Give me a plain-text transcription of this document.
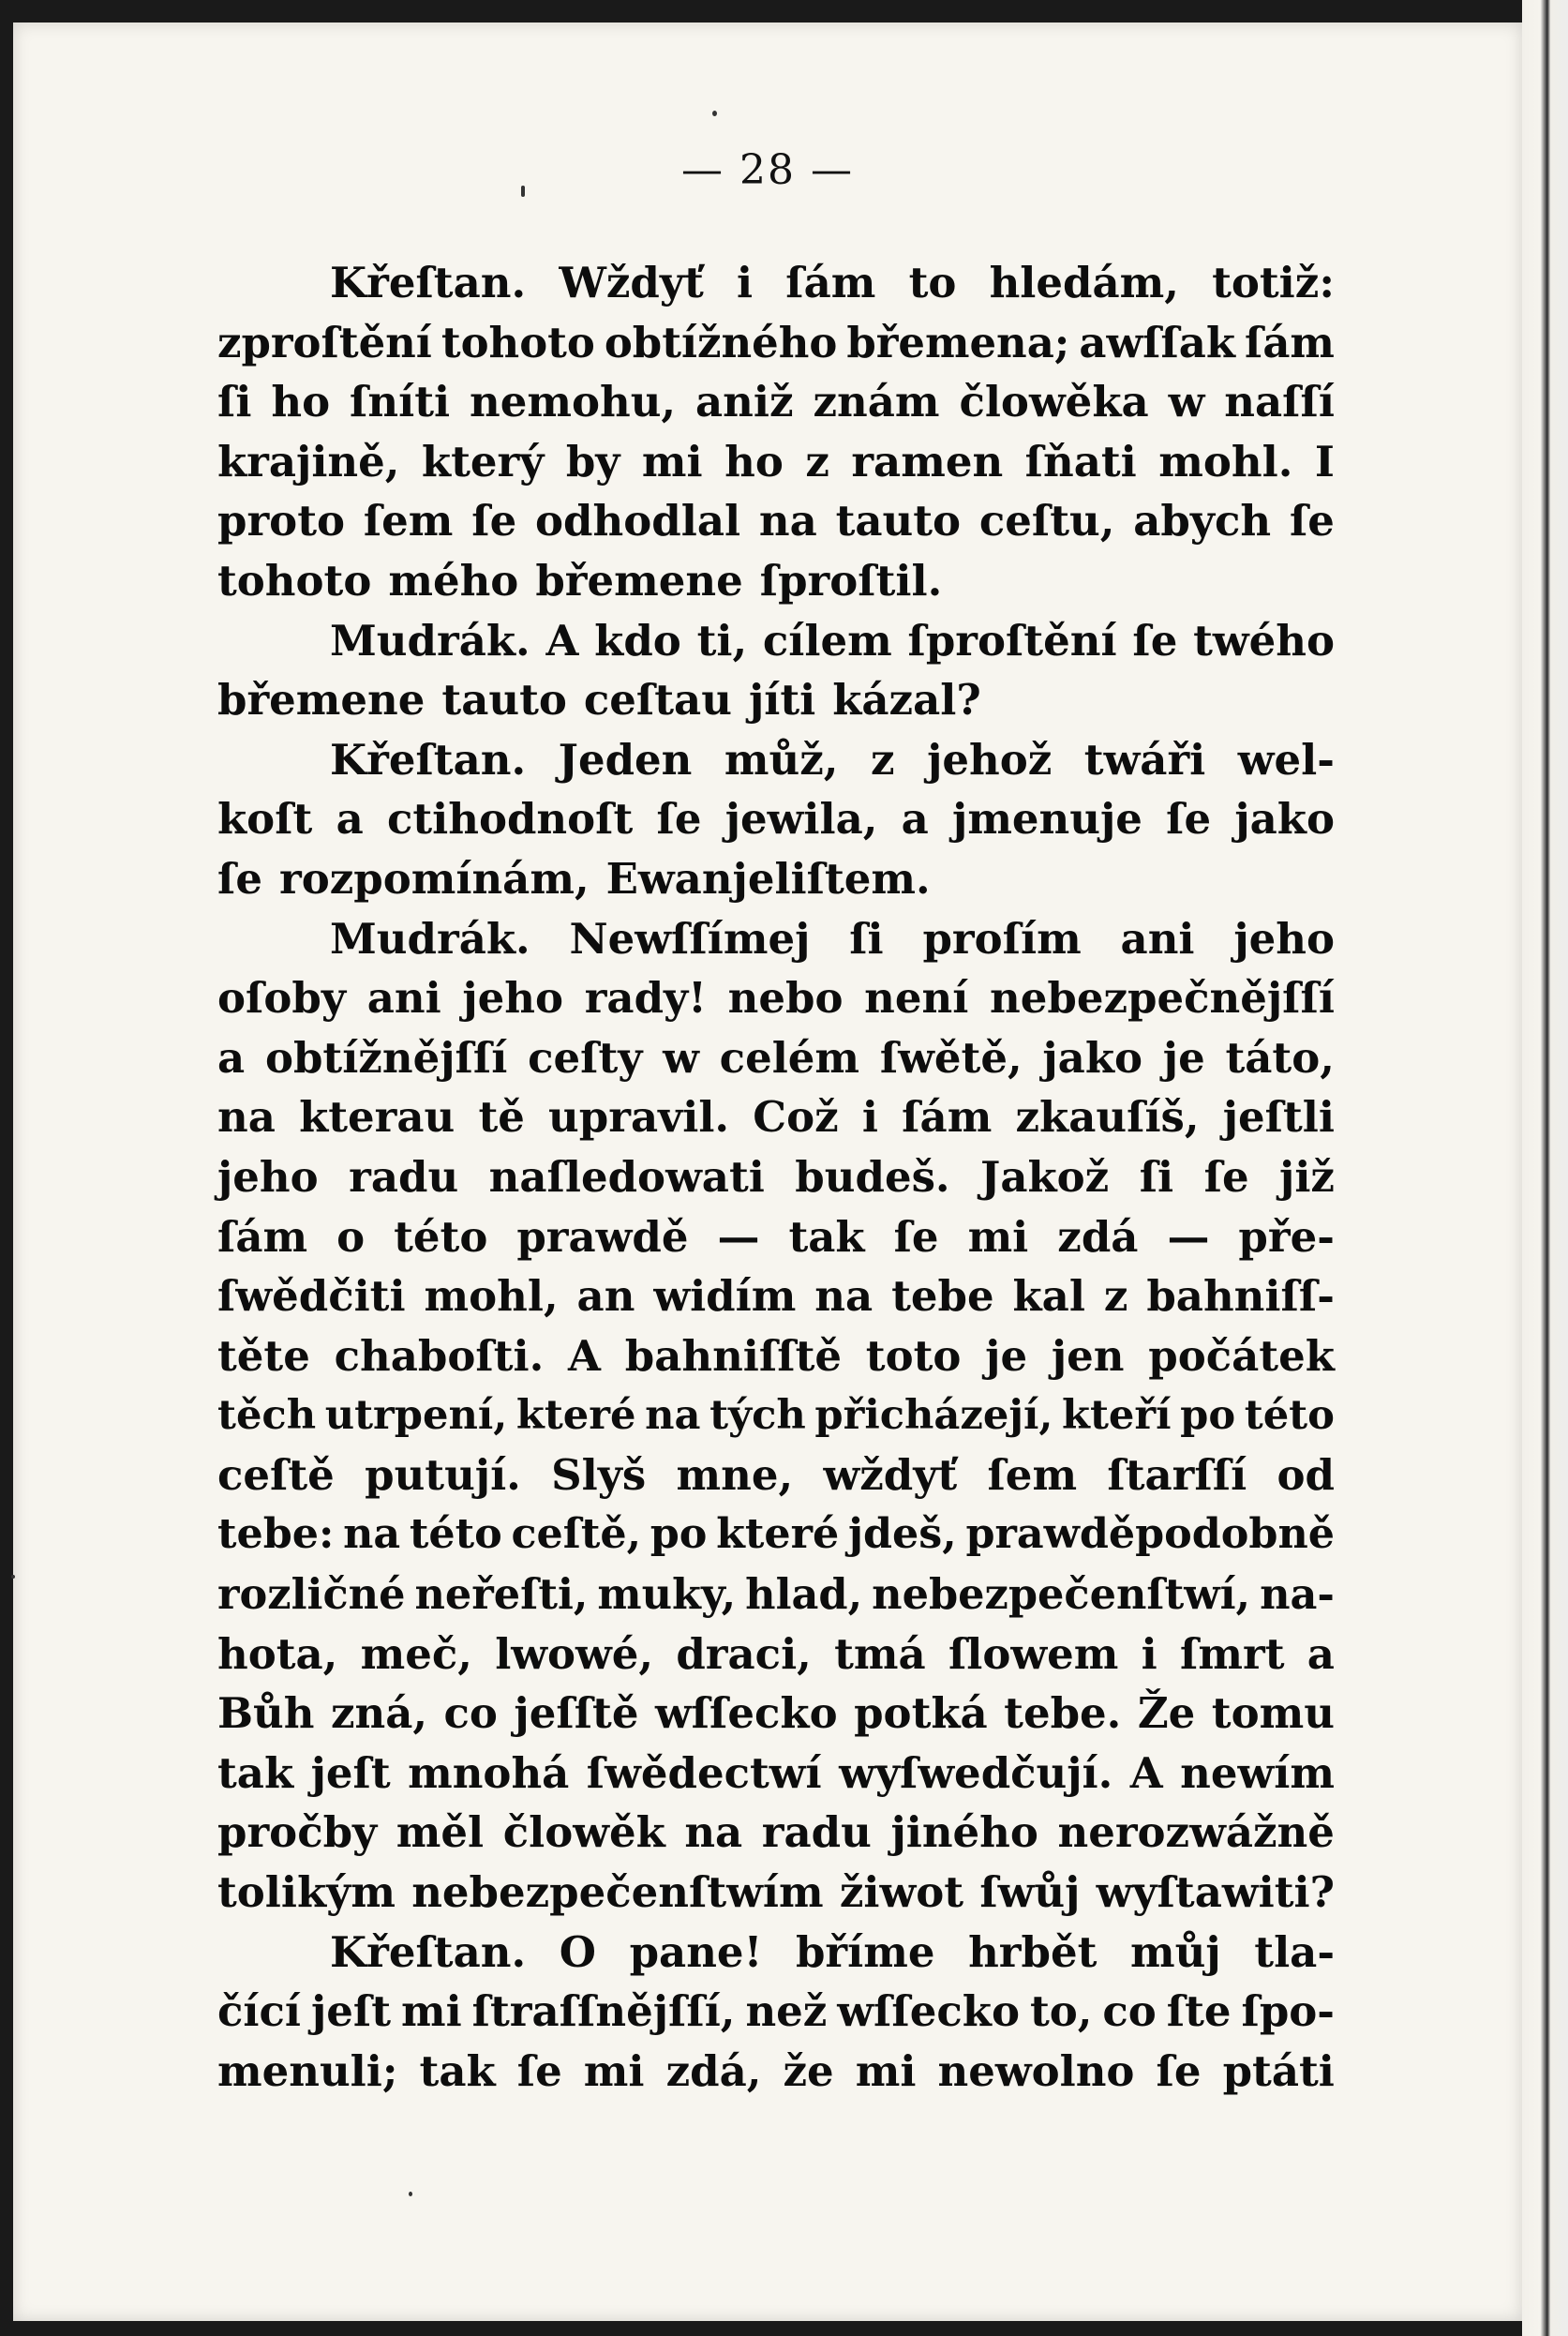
— 28 —
Křeſtan. Wždyť i ſám to hledám, totiž:
zproſtění tohoto obtížného břemena; awſſak ſám
ſi ho ſníti nemohu, aniž znám člowěka w naſſí
krajině, který by mi ho z ramen ſňati mohl. I
proto ſem ſe odhodlal na tauto ceſtu, abych ſe
tohoto mého břemene ſproſtil.
Mudrák. A kdo ti, cílem ſproſtění ſe twého
břemene tauto ceſtau jíti kázal?
Křeſtan. Jeden můž, z jehož twáři wel-
koſt a ctihodnoſt ſe jewila, a jmenuje ſe jako
ſe rozpomínám, Ewanjeliſtem.
Mudrák. Newſſímej ſi proſím ani jeho
oſoby ani jeho rady! nebo není nebezpečnějſſí
a obtížnějſſí ceſty w celém ſwětě, jako je táto,
na kterau tě upravil. Což i ſám zkauſíš, jeſtli
jeho radu naſledowati budeš. Jakož ſi ſe již
ſám o této prawdě — tak ſe mi zdá — pře-
ſwědčiti mohl, an widím na tebe kal z bahniſſ-
těte chaboſti. A bahniſſtě toto je jen počátek
těch utrpení, které na tých přicházejí, kteří po této
ceſtě putují. Slyš mne, wždyť ſem ſtarſſí od
tebe: na této ceſtě, po které jdeš, prawděpodobně
rozličné neřeſti, muky, hlad, nebezpečenſtwí, na-
hota, meč, lwowé, draci, tmá ſlowem i ſmrt a
Bůh zná, co jeſſtě wſſecko potká tebe. Že tomu
tak jeſt mnohá ſwědectwí wyſwedčují. A newím
pročby měl člowěk na radu jiného nerozwážně
tolikým nebezpečenſtwím žiwot ſwůj wyſtawiti?
Křeſtan. O pane! bříme hrbět můj tla-
čící jeſt mi ſtraſſnějſſí, než wſſecko to, co ſte ſpo-
menuli; tak ſe mi zdá, že mi newolno ſe ptáti
